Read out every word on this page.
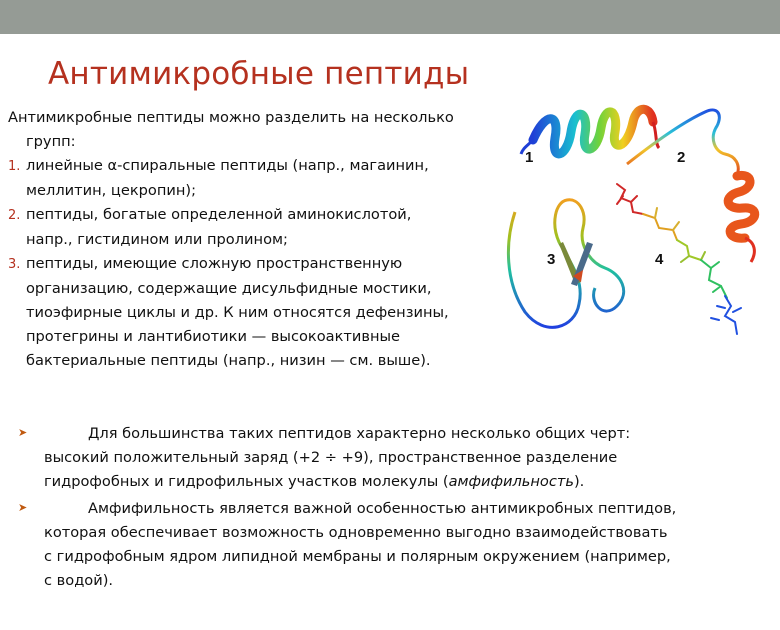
Антимикробные пептиды
Антимикробные пептиды можно разделить на несколько
групп:
1. линейные α-спиральные пептиды (напр., магаинин,
меллитин, цекропин);
2. пептиды, богатые определенной аминокислотой,
напр., гистидином или пролином;
3. пептиды, имеющие сложную пространственную
организацию, содержащие дисульфидные мостики,
тиоэфирные циклы и др. К ним относятся дефензины,
протегрины и лантибиотики — высокоактивные
бактериальные пептиды (напр., низин — см. выше).
1	2
3	4
➤	Для большинства таких пептидов характерно несколько общих черт:
высокий положительный заряд (+2 ÷ +9), пространственное разделение
гидрофобных и гидрофильных участков молекулы (амфифильность).
➤	Амфифильность является важной особенностью антимикробных пептидов,
которая обеспечивает возможность одновременно выгодно взаимодействовать
с гидрофобным ядром липидной мембраны и полярным окружением (например,
с водой).
